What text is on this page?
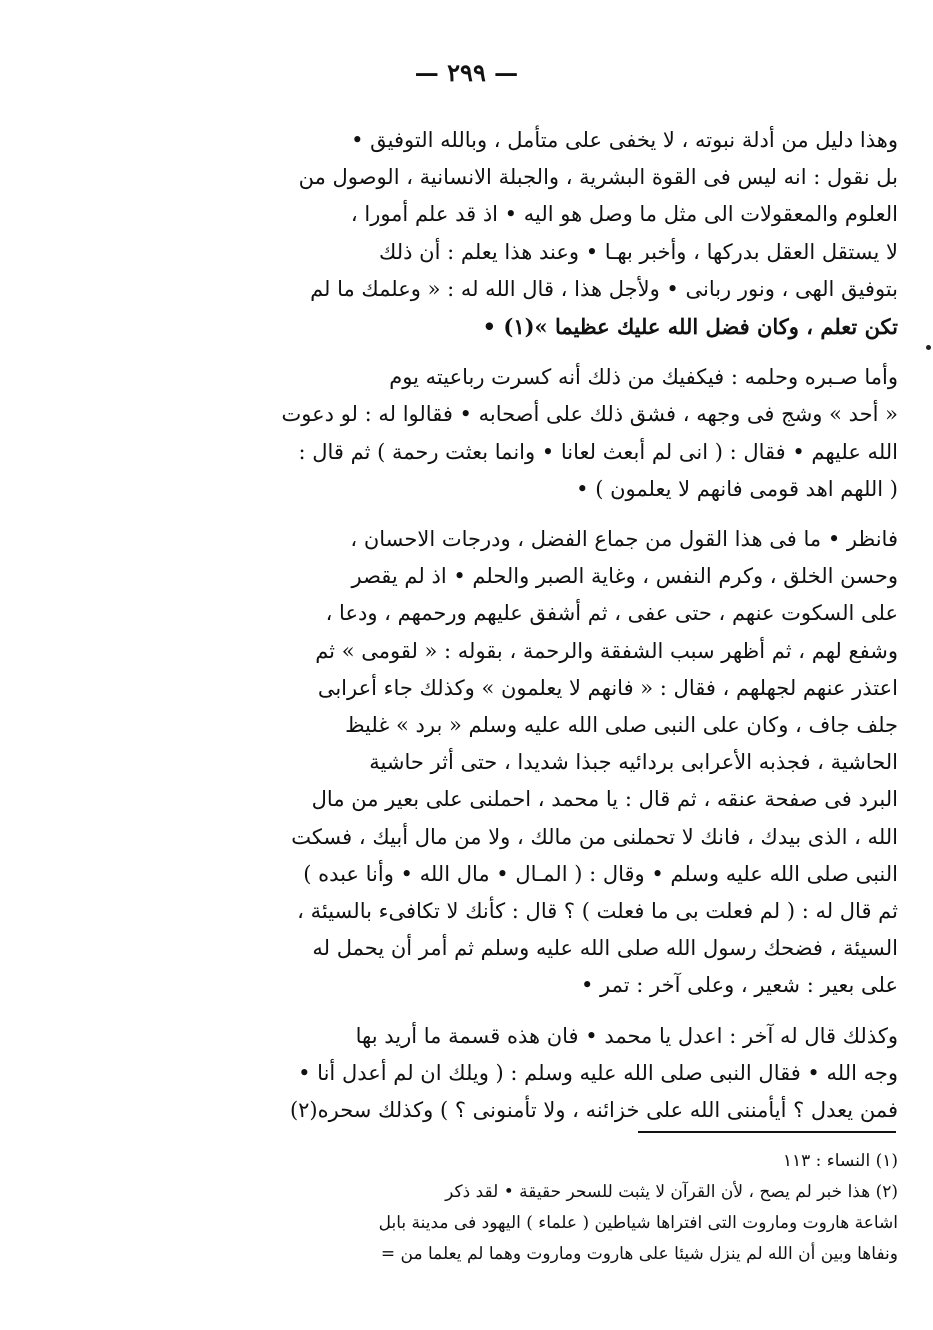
— ٢٩٩ —
وهذا دليل من أدلة نبوته ، لا يخفى على متأمل ، وبالله التوفيق •
بل نقول : انه ليس فى القوة البشرية ، والجبلة الانسانية ، الوصول من
العلوم والمعقولات الى مثل ما وصل هو اليه • اذ قد علم أمورا ،
لا يستقل العقل بدركها ، وأخبر بهـا • وعند هذا يعلم : أن ذلك
بتوفيق الهى ، ونور ربانى • ولأجل هذا ، قال الله له : « وعلمك ما لم
تكن تعلم ، وكان فضل الله عليك عظيما »(١) •
وأما صـبره وحلمه : فيكفيك من ذلك أنه كسرت رباعيته يوم
« أحد » وشج فى وجهه ، فشق ذلك على أصحابه • فقالوا له : لو دعوت
الله عليهم • فقال : ( انى لم أبعث لعانا • وانما بعثت رحمة ) ثم قال :
( اللهم اهد قومى فانهم لا يعلمون ) •
فانظر • ما فى هذا القول من جماع الفضل ، ودرجات الاحسان ،
وحسن الخلق ، وكرم النفس ، وغاية الصبر والحلم • اذ لم يقصر
على السكوت عنهم ، حتى عفى ، ثم أشفق عليهم ورحمهم ، ودعا ،
وشفع لهم ، ثم أظهر سبب الشفقة والرحمة ، بقوله : « لقومى » ثم
اعتذر عنهم لجهلهم ، فقال : « فانهم لا يعلمون » وكذلك جاء أعرابى
جلف جاف ، وكان على النبى صلى الله عليه وسلم « برد » غليظ
الحاشية ، فجذبه الأعرابى بردائيه جبذا شديدا ، حتى أثر حاشية
البرد فى صفحة عنقه ، ثم قال : يا محمد ، احملنى على بعير من مال
الله ، الذى بيدك ، فانك لا تحملنى من مالك ، ولا من مال أبيك ، فسكت
النبى صلى الله عليه وسلم • وقال : ( المـال • مال الله • وأنا عبده )
ثم قال له : ( لم فعلت بى ما فعلت ) ؟ قال : كأنك لا تكافىء بالسيئة ،
السيئة ، فضحك رسول الله صلى الله عليه وسلم ثم أمر أن يحمل له
على بعير : شعير ، وعلى آخر : تمر •
وكذلك قال له آخر : اعدل يا محمد • فان هذه قسمة ما أريد بها
وجه الله • فقال النبى صلى الله عليه وسلم : ( ويلك ان لم أعدل أنا •
فمن يعدل ؟ أيأمننى الله على خزائنه ، ولا تأمنونى ؟ ) وكذلك سحره(٢)
(١) النساء : ١١٣
(٢) هذا خبر لم يصح ، لأن القرآن لا يثبت للسحر حقيقة • لقد ذكر
اشاعة هاروت وماروت التى افتراها شياطين ( علماء ) اليهود فى مدينة بابل
ونفاها وبين أن الله لم ينزل شيئا على هاروت وماروت وهما لم يعلما من =
